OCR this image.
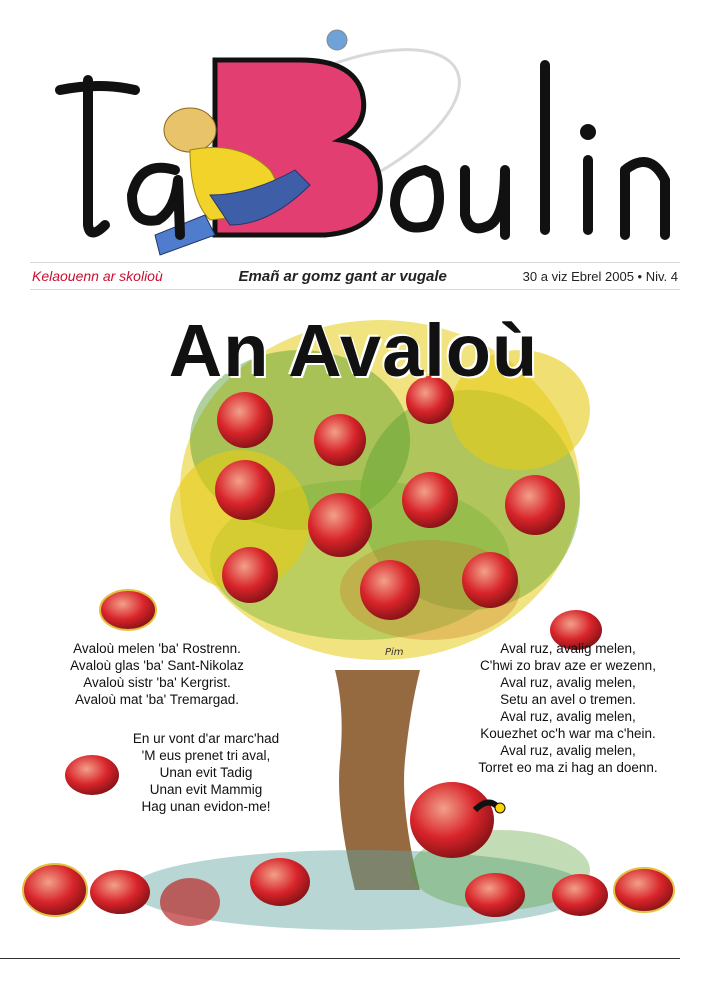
Kelaouenn ar skolioù	Emañ ar gomz gant ar vugale	30 a viz Ebrel 2005 • Niv. 4
Pim
An Avaloù
Avaloù melen 'ba' Rostrenn.
Avaloù glas 'ba' Sant-Nikolaz
Avaloù sistr 'ba' Kergrist.
Avaloù mat 'ba' Tremargad.
En ur vont d'ar marc'had
'M eus prenet tri aval,
Unan evit Tadig
Unan evit Mammig
Hag unan evidon-me!
Aval ruz, avalig melen,
C'hwi zo brav aze er wezenn,
Aval ruz, avalig melen,
Setu an avel o tremen.
Aval ruz, avalig melen,
Kouezhet oc'h war ma c'hein.
Aval ruz, avalig melen,
Torret eo ma zi hag an doenn.
